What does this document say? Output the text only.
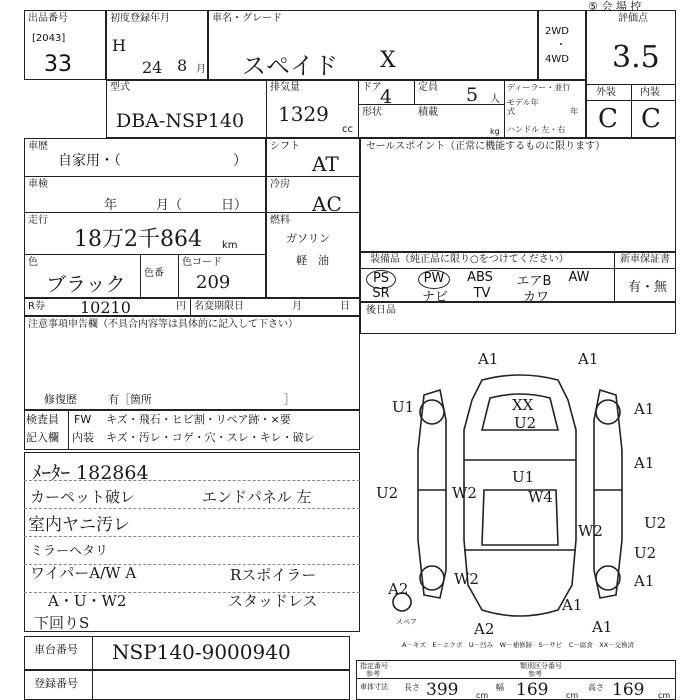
⑤ 会 場 控
出品番号
[2043]
33
初度登録年月
H
24 8 月
車名・グレード
スペイド X
2WD
・
4WD
評価点
3.5
外装 内装
C C
型式
DBA-NSP140
排気量
1329
cc
ドア
4	定員 5 人
形状	積載
kg
ディーラー・並行
モデル年式	年
ハンドル 左・右
車歴
自家用・（　　　　　　　　）
車検
年　　　月（　　　日）
走行
18万2千864 km
色
ブラック 色番
色コード
209
シフト
AT
冷房
AC
燃料
ガソリン
軽　油
R券 10210	円 名変期限日	月	日
注意事項申告欄（不具合内容等は具体的に記入して下さい）
修復歴	有［箇所　　　　　　　　　　　　］
検査員
記入欄
FW キズ・飛石・ヒビ割・リペア跡・×要
内装 キズ・汚レ・コゲ・穴・スレ・キレ・破レ
ﾒｰﾀｰ 182864
カーペット破レ
室内ヤニ汚レ
ミラーヘタリ
ワイパーA/W A
A・U・W2
下回りS
エンドパネル 左
Rスポイラー
スタッドレス
セールスポイント（正常に機能するものに限ります）
装備品（純正品に限り○をつけてください）	新車保証書
有・無
PS	PW	ABS	エアB	AW
SR	ナビ	TV	カワ
後日品
A1	A1
U1	A1
XX
U2
A1
U2	W2
U1
W4
U2
W2
U2
A1
W2
A2
A1
A2	A1
スペア
A－キズ　E－エクボ　U－凹み　W－補修跡　S－サビ　C－腐食　XX－交換済
車台番号 NSP140-9000940
登録番号
指定番号
参考
類別区分番号
参考
車体寸法 長さ 399 cm
幅 169 cm
高さ 169 cm
